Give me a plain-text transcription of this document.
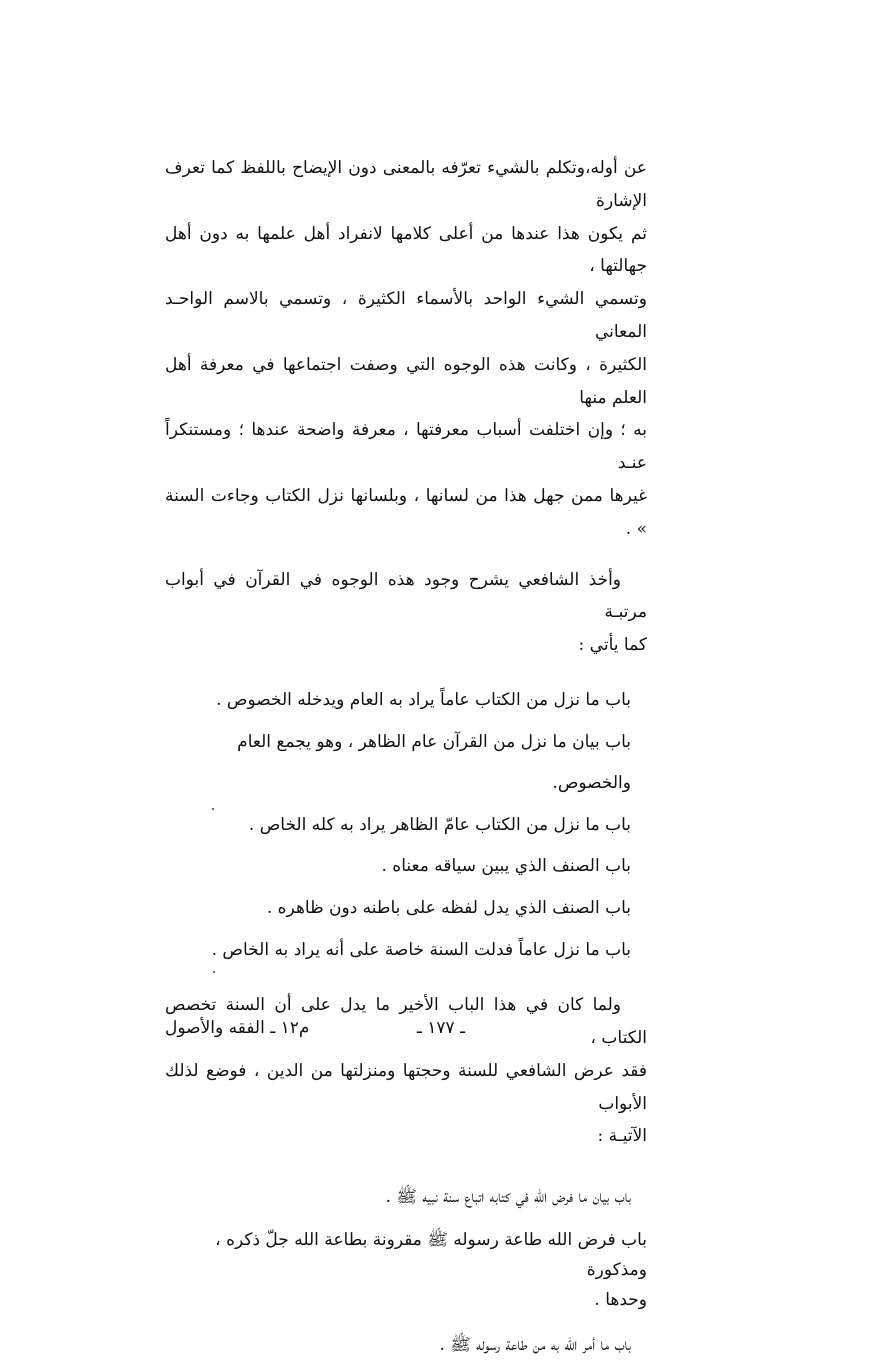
عن أوله،وتكلم بالشيء تعرّفه بالمعنى دون الإيضاح باللفظ كما تعرف الإشارة
ثم يكون هذا عندها من أعلى كلامها لانفراد أهل علمها به دون أهل جهالتها ،
وتسمي الشيء الواحد بالأسماء الكثيرة ، وتسمي بالاسم الواحـد المعاني
الكثيرة ، وكانت هذه الوجوه التي وصفت اجتماعها في معرفة أهل العلم منها
به ؛ وإن اختلفت أسباب معرفتها ، معرفة واضحة عندها ؛ ومستنكراً عنـد
غيرها ممن جهل هذا من لسانها ، وبلسانها نزل الكتاب وجاءت السنة » .
وأخذ الشافعي يشرح وجود هذه الوجوه في القرآن في أبواب مرتبـة
كما يأتي :
باب ما نزل من الكتاب عاماً يراد به العام ويدخله الخصوص .
باب بيان ما نزل من القرآن عام الظاهر ، وهو يجمع العام والخصوص.
باب ما نزل من الكتاب عامّ الظاهر يراد به كله الخاص .
باب الصنف الذي يبين سياقه معناه .
باب الصنف الذي يدل لفظه على باطنه دون ظاهره .
باب ما نزل عاماً فدلت السنة خاصة على أنه يراد به الخاص .
ولما كان في هذا الباب الأخير ما يدل على أن السنة تخصص الكتاب ،
فقد عرض الشافعي للسنة وحجتها ومنزلتها من الدين ، فوضع لذلك الأبواب
الآتيـة :
باب بيان ما فرض الله في كتابه اتباع سنة نبيه ﷺ .
باب فرض الله طاعة رسوله ﷺ مقرونة بطاعة الله جلّ ذكره ، ومذكورة
وحدها .
باب ما أمر الله به من طاعة رسوله ﷺ .
ـ ١٧٧ ـ
م١٢ ـ الفقه والأصول
